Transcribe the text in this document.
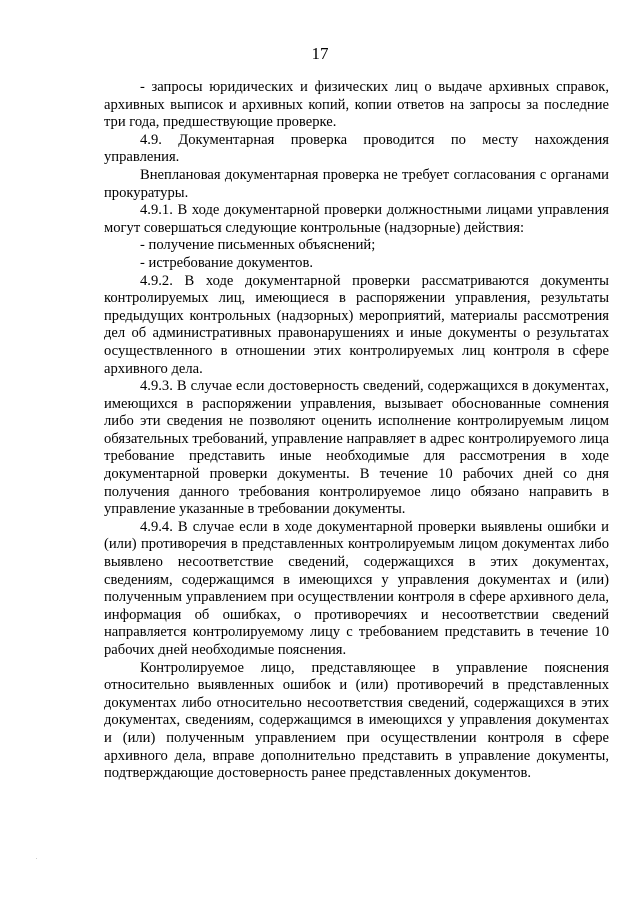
17

- запросы юридических и физических лиц о выдаче архивных справок, архивных выписок и архивных копий, копии ответов на запросы за последние три года, предшествующие проверке.

4.9. Документарная проверка проводится по месту нахождения управления.

Внеплановая документарная проверка не требует согласования с органами прокуратуры.

4.9.1. В ходе документарной проверки должностными лицами управления могут совершаться следующие контрольные (надзорные) действия:

- получение письменных объяснений;

- истребование документов.

4.9.2. В ходе документарной проверки рассматриваются документы контролируемых лиц, имеющиеся в распоряжении управления, результаты предыдущих контрольных (надзорных) мероприятий, материалы рассмотрения дел об административных правонарушениях и иные документы о результатах осуществленного в отношении этих контролируемых лиц контроля в сфере архивного дела.

4.9.3. В случае если достоверность сведений, содержащихся в документах, имеющихся в распоряжении управления, вызывает обоснованные сомнения либо эти сведения не позволяют оценить исполнение контролируемым лицом обязательных требований, управление направляет в адрес контролируемого лица требование представить иные необходимые для рассмотрения в ходе документарной проверки документы. В течение 10 рабочих дней со дня получения данного требования контролируемое лицо обязано направить в управление указанные в требовании документы.

4.9.4. В случае если в ходе документарной проверки выявлены ошибки и (или) противоречия в представленных контролируемым лицом документах либо выявлено несоответствие сведений, содержащихся в этих документах, сведениям, содержащимся в имеющихся у управления документах и (или) полученным управлением при осуществлении контроля в сфере архивного дела, информация об ошибках, о противоречиях и несоответствии сведений направляется контролируемому лицу с требованием представить в течение 10 рабочих дней необходимые пояснения.

Контролируемое лицо, представляющее в управление пояснения относительно выявленных ошибок и (или) противоречий в представленных документах либо относительно несоответствия сведений, содержащихся в этих документах, сведениям, содержащимся в имеющихся у управления документах и (или) полученным управлением при осуществлении контроля в сфере архивного дела, вправе дополнительно представить в управление документы, подтверждающие достоверность ранее представленных документов.
